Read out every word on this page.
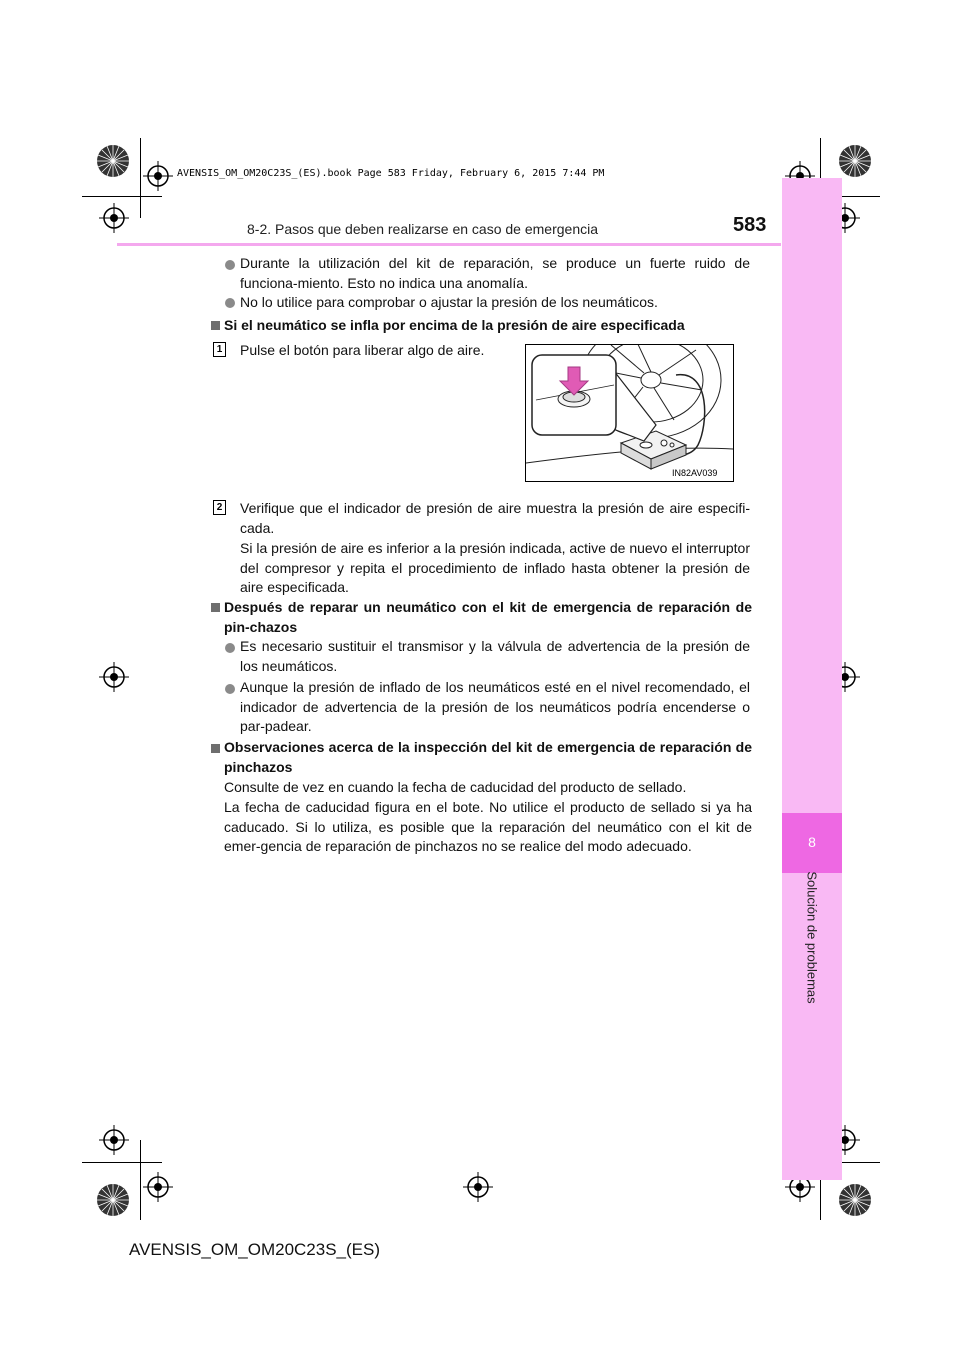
8
Solución de problemas
AVENSIS_OM_OM20C23S_(ES).book Page 583 Friday, February 6, 2015 7:44 PM
8-2. Pasos que deben realizarse en caso de emergencia	583
Durante la utilización del kit de reparación, se produce un fuerte ruido de funciona-miento. Esto no indica una anomalía.
No lo utilice para comprobar o ajustar la presión de los neumáticos.
Si el neumático se infla por encima de la presión de aire especificada
1 Pulse el botón para liberar algo de aire.
IN82AV039
2 Verifique que el indicador de presión de aire muestra la presión de aire especifi-cada.
Si la presión de aire es inferior a la presión indicada, active de nuevo el interruptor del compresor y repita el procedimiento de inflado hasta obtener la presión de aire especificada.
Después de reparar un neumático con el kit de emergencia de reparación de pin-chazos
Es necesario sustituir el transmisor y la válvula de advertencia de la presión de los neumáticos.
Aunque la presión de inflado de los neumáticos esté en el nivel recomendado, el indicador de advertencia de la presión de los neumáticos podría encenderse o par-padear.
Observaciones acerca de la inspección del kit de emergencia de reparación de pinchazos
Consulte de vez en cuando la fecha de caducidad del producto de sellado.
La fecha de caducidad figura en el bote. No utilice el producto de sellado si ya ha caducado. Si lo utiliza, es posible que la reparación del neumático con el kit de emer-gencia de reparación de pinchazos no se realice del modo adecuado.
AVENSIS_OM_OM20C23S_(ES)
